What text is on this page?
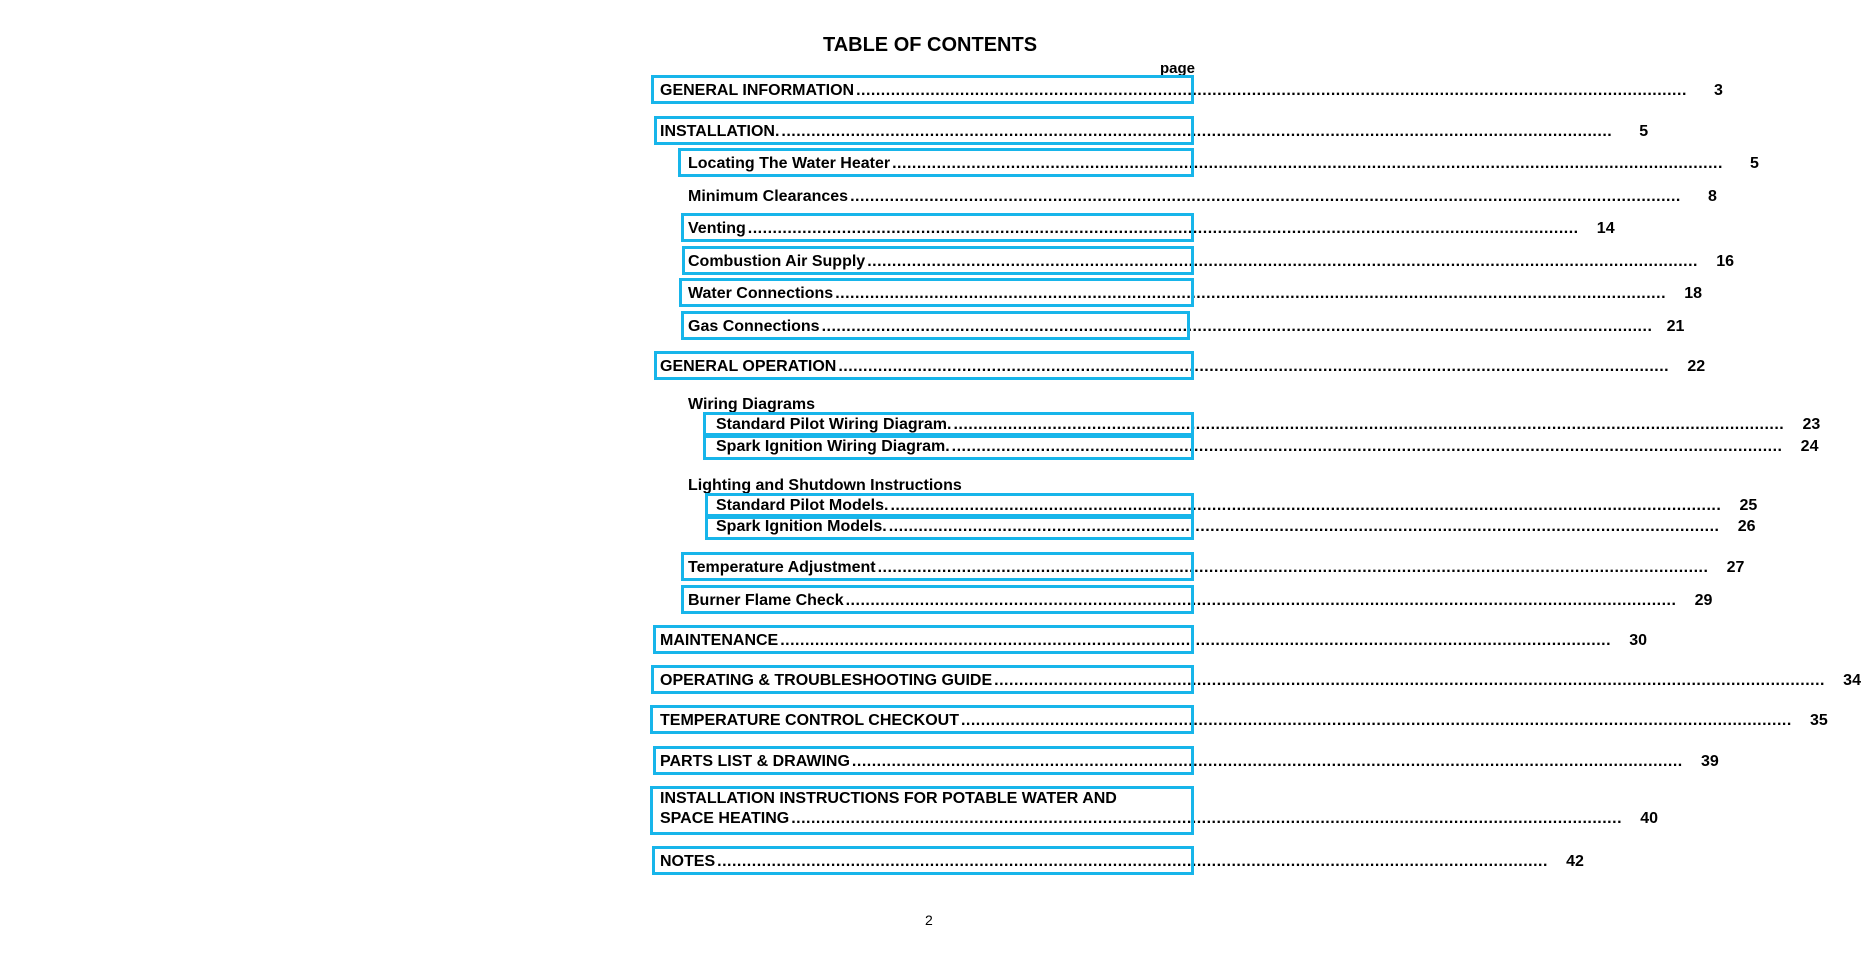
TABLE OF CONTENTS
page
GENERAL INFORMATION ........................................................................................................................................................................	3
INSTALLATION. ........................................................................................................................................................................	5
Locating The Water Heater ........................................................................................................................................................................	5
Minimum Clearances ........................................................................................................................................................................	8
Venting ........................................................................................................................................................................	14
Combustion Air Supply ........................................................................................................................................................................	16
Water Connections ........................................................................................................................................................................	18
Gas Connections ........................................................................................................................................................................ 21
GENERAL OPERATION ........................................................................................................................................................................	22
Wiring Diagrams
Standard Pilot Wiring Diagram. ........................................................................................................................................................................	23
Spark Ignition Wiring Diagram. ........................................................................................................................................................................	24
Lighting and Shutdown Instructions
Standard Pilot Models. ........................................................................................................................................................................	25
Spark Ignition Models. ........................................................................................................................................................................	26
Temperature Adjustment ........................................................................................................................................................................	27
Burner Flame Check ........................................................................................................................................................................	29
MAINTENANCE ........................................................................................................................................................................	30
OPERATING & TROUBLESHOOTING GUIDE ........................................................................................................................................................................	34
TEMPERATURE CONTROL CHECKOUT ........................................................................................................................................................................	35
PARTS LIST & DRAWING ........................................................................................................................................................................	39
INSTALLATION INSTRUCTIONS FOR POTABLE WATER AND
SPACE HEATING ........................................................................................................................................................................	40
NOTES ........................................................................................................................................................................	42
2
